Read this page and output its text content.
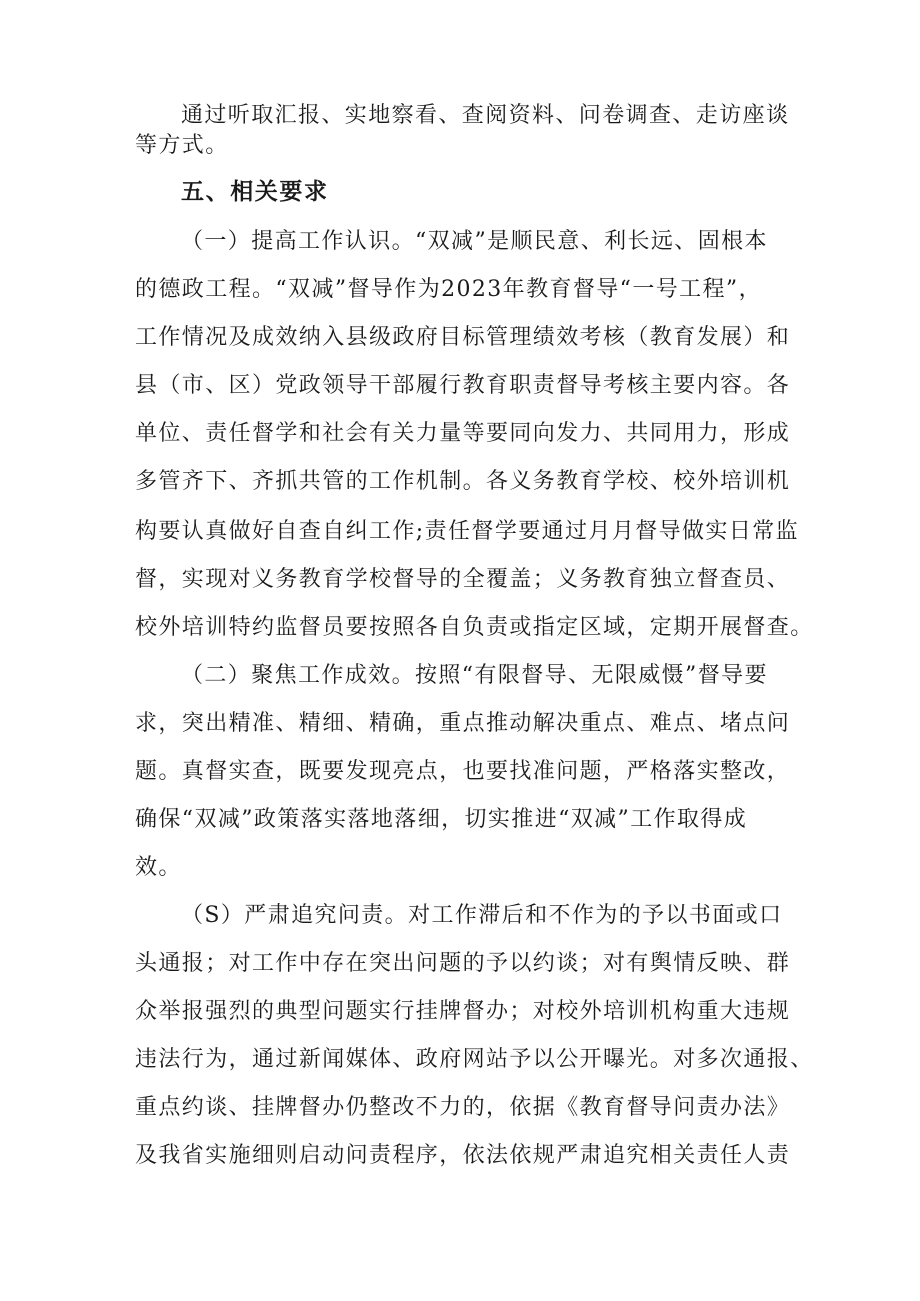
通过听取汇报、实地察看、查阅资料、问卷调查、走访座谈
等方式。
五、相关要求
（一）提高工作认识。“双减”是顺民意、利长远、固根本
的德政工程。“双减”督导作为2023年教育督导“一号工程”，
工作情况及成效纳入县级政府目标管理绩效考核（教育发展）和
县（市、区）党政领导干部履行教育职责督导考核主要内容。各
单位、责任督学和社会有关力量等要同向发力、共同用力，形成
多管齐下、齐抓共管的工作机制。各义务教育学校、校外培训机
构要认真做好自查自纠工作;责任督学要通过月月督导做实日常监
督，实现对义务教育学校督导的全覆盖；义务教育独立督查员、
校外培训特约监督员要按照各自负责或指定区域，定期开展督查。
（二）聚焦工作成效。按照“有限督导、无限威慑”督导要
求，突出精准、精细、精确，重点推动解决重点、难点、堵点问
题。真督实查，既要发现亮点，也要找准问题，严格落实整改，
确保“双减”政策落实落地落细，切实推进“双减”工作取得成
效。
（S）严肃追究问责。对工作滞后和不作为的予以书面或口
头通报；对工作中存在突出问题的予以约谈；对有舆情反映、群
众举报强烈的典型问题实行挂牌督办；对校外培训机构重大违规
违法行为，通过新闻媒体、政府网站予以公开曝光。对多次通报、
重点约谈、挂牌督办仍整改不力的，依据《教育督导问责办法》
及我省实施细则启动问责程序，依法依规严肃追究相关责任人责
